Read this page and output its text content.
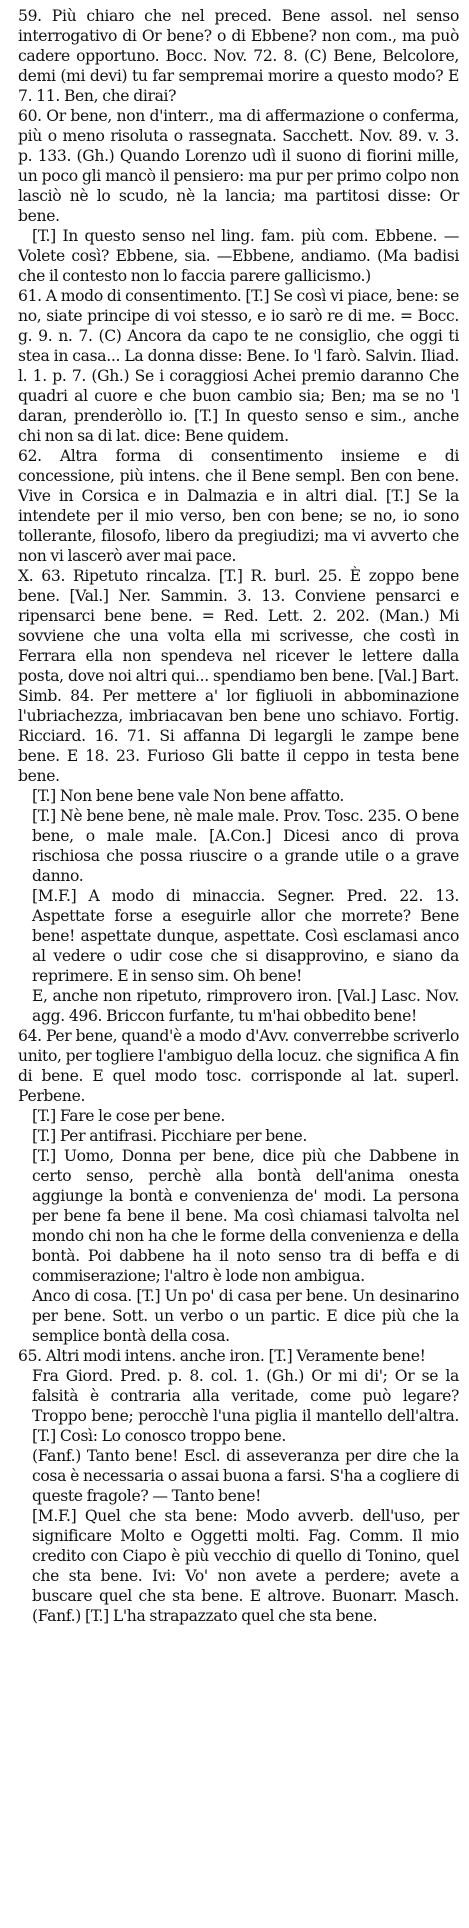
59. Più chiaro che nel preced. Bene assol. nel senso interrogativo di Or bene? o di Ebbene? non com., ma può cadere opportuno. Bocc. Nov. 72. 8. (C) Bene, Belcolore, demi (mi devi) tu far sempremai morire a questo modo? E 7. 11. Ben, che dirai?

60. Or bene, non d'interr., ma di affermazione o conferma, più o meno risoluta o rassegnata. Sacchett. Nov. 89. v. 3. p. 133. (Gh.) Quando Lorenzo udì il suono di fiorini mille, un poco gli mancò il pensiero: ma pur per primo colpo non lasciò nè lo scudo, nè la lancia; ma partitosi disse: Or bene.

[T.] In questo senso nel ling. fam. più com. Ebbene. — Volete così? Ebbene, sia. —Ebbene, andiamo. (Ma badisi che il contesto non lo faccia parere gallicismo.)

61. A modo di consentimento. [T.] Se così vi piace, bene: se no, siate principe di voi stesso, e io sarò re di me. = Bocc. g. 9. n. 7. (C) Ancora da capo te ne consiglio, che oggi ti stea in casa... La donna disse: Bene. Io 'l farò. Salvin. Iliad. l. 1. p. 7. (Gh.) Se i coraggiosi Achei premio daranno Che quadri al cuore e che buon cambio sia; Ben; ma se no 'l daran, prenderòllo io. [T.] In questo senso e sim., anche chi non sa di lat. dice: Bene quidem.

62. Altra forma di consentimento insieme e di concessione, più intens. che il Bene sempl. Ben con bene. Vive in Corsica e in Dalmazia e in altri dial. [T.] Se la intendete per il mio verso, ben con bene; se no, io sono tollerante, filosofo, libero da pregiudizi; ma vi avverto che non vi lascerò aver mai pace.

X. 63. Ripetuto rincalza. [T.] R. burl. 25. È zoppo bene bene. [Val.] Ner. Sammin. 3. 13. Conviene pensarci e ripensarci bene bene. = Red. Lett. 2. 202. (Man.) Mi sovviene che una volta ella mi scrivesse, che costì in Ferrara ella non spendeva nel ricever le lettere dalla posta, dove noi altri qui... spendiamo ben bene. [Val.] Bart. Simb. 84. Per mettere a' lor figliuoli in abbominazione l'ubriachezza, imbriacavan ben bene uno schiavo. Fortig. Ricciard. 16. 71. Si affanna Di legargli le zampe bene bene. E 18. 23. Furioso Gli batte il ceppo in testa bene bene.

[T.] Non bene bene vale Non bene affatto.

[T.] Nè bene bene, nè male male. Prov. Tosc. 235. O bene bene, o male male. [A.Con.] Dicesi anco di prova rischiosa che possa riuscire o a grande utile o a grave danno.

[M.F.] A modo di minaccia. Segner. Pred. 22. 13. Aspettate forse a eseguirle allor che morrete? Bene bene! aspettate dunque, aspettate. Così esclamasi anco al vedere o udir cose che si disapprovino, e siano da reprimere. E in senso sim. Oh bene!

E, anche non ripetuto, rimprovero iron. [Val.] Lasc. Nov. agg. 496. Briccon furfante, tu m'hai obbedito bene!

64. Per bene, quand'è a modo d'Avv. converrebbe scriverlo unito, per togliere l'ambiguo della locuz. che significa A fin di bene. E quel modo tosc. corrisponde al lat. superl. Perbene.

[T.] Fare le cose per bene.

[T.] Per antifrasi. Picchiare per bene.

[T.] Uomo, Donna per bene, dice più che Dabbene in certo senso, perchè alla bontà dell'anima onesta aggiunge la bontà e convenienza de' modi. La persona per bene fa bene il bene. Ma così chiamasi talvolta nel mondo chi non ha che le forme della convenienza e della bontà. Poi dabbene ha il noto senso tra di beffa e di commiserazione; l'altro è lode non ambigua.

Anco di cosa. [T.] Un po' di casa per bene. Un desinarino per bene. Sott. un verbo o un partic. E dice più che la semplice bontà della cosa.

65. Altri modi intens. anche iron. [T.] Veramente bene!

Fra Giord. Pred. p. 8. col. 1. (Gh.) Or mi di'; Or se la falsità è contraria alla veritade, come può legare? Troppo bene; perocchè l'una piglia il mantello dell'altra. [T.] Così: Lo conosco troppo bene.

(Fanf.) Tanto bene! Escl. di asseveranza per dire che la cosa è necessaria o assai buona a farsi. S'ha a cogliere di queste fragole? — Tanto bene!

[M.F.] Quel che sta bene: Modo avverb. dell'uso, per significare Molto e Oggetti molti. Fag. Comm. Il mio credito con Ciapo è più vecchio di quello di Tonino, quel che sta bene. Ivi: Vo' non avete a perdere; avete a buscare quel che sta bene. E altrove. Buonarr. Masch. (Fanf.) [T.] L'ha strapazzato quel che sta bene.
